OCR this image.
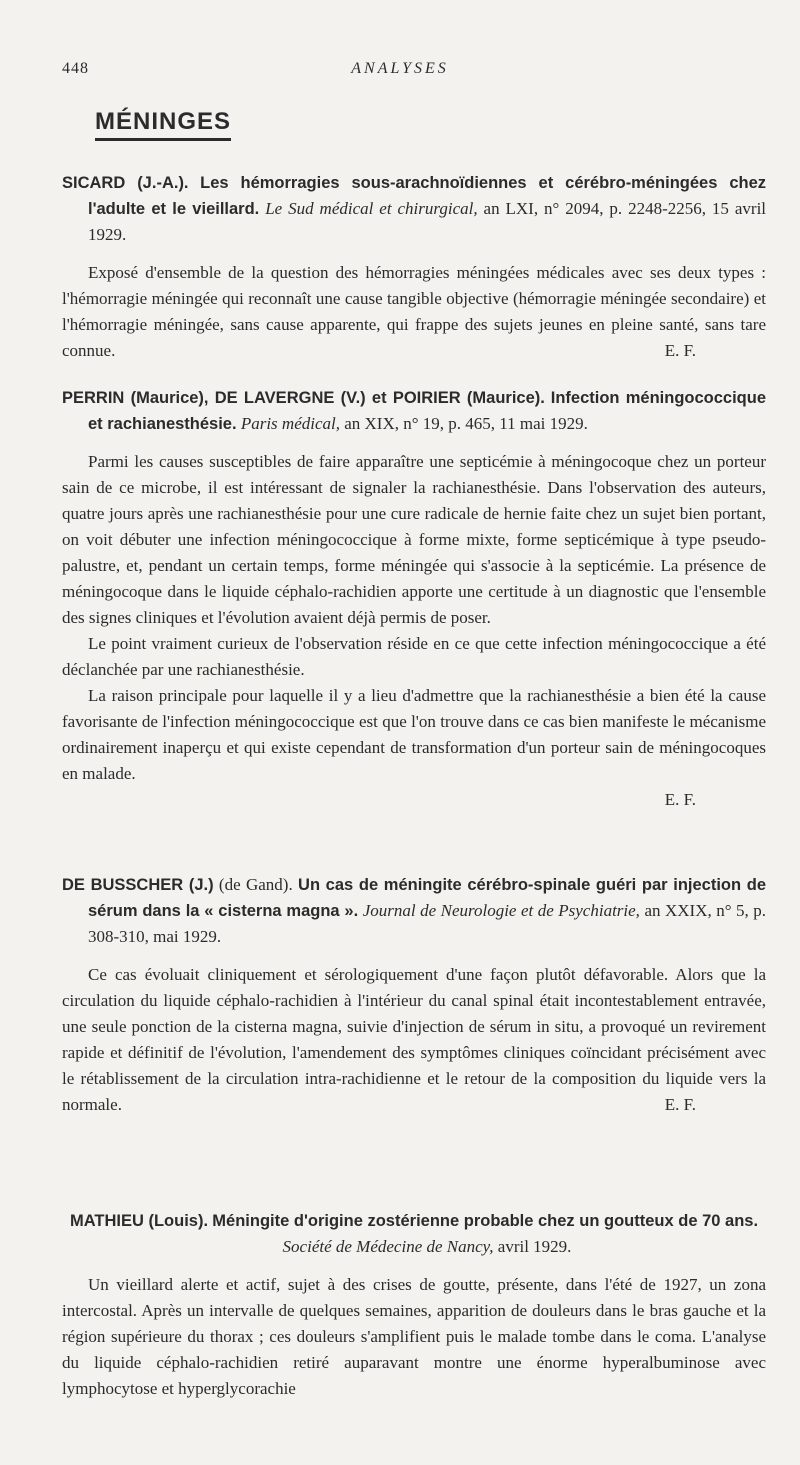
448	ANALYSES
MÉNINGES

SICARD (J.-A.). Les hémorragies sous-arachnoïdiennes et cérébro-méningées chez l'adulte et le vieillard. Le Sud médical et chirurgical, an LXI, n° 2094, p. 2248-2256, 15 avril 1929.

Exposé d'ensemble de la question des hémorragies méningées médicales avec ses deux types : l'hémorragie méningée qui reconnaît une cause tangible objective (hémorragie méningée secondaire) et l'hémorragie méningée, sans cause apparente, qui frappe des sujets jeunes en pleine santé, sans tare connue.	E. F.

PERRIN (Maurice), DE LAVERGNE (V.) et POIRIER (Maurice). Infection méningococcique et rachianesthésie. Paris médical, an XIX, n° 19, p. 465, 11 mai 1929.

Parmi les causes susceptibles de faire apparaître une septicémie à méningocoque chez un porteur sain de ce microbe, il est intéressant de signaler la rachianesthésie. Dans l'observation des auteurs, quatre jours après une rachianesthésie pour une cure radicale de hernie faite chez un sujet bien portant, on voit débuter une infection méningococcique à forme mixte, forme septicémique à type pseudo-palustre, et, pendant un certain temps, forme méningée qui s'associe à la septicémie. La présence de méningocoque dans le liquide céphalo-rachidien apporte une certitude à un diagnostic que l'ensemble des signes cliniques et l'évolution avaient déjà permis de poser.

Le point vraiment curieux de l'observation réside en ce que cette infection méningococcique a été déclanchée par une rachianesthésie.

La raison principale pour laquelle il y a lieu d'admettre que la rachianesthésie a bien été la cause favorisante de l'infection méningococcique est que l'on trouve dans ce cas bien manifeste le mécanisme ordinairement inaperçu et qui existe cependant de transformation d'un porteur sain de méningocoques en malade.

E. F.

DE BUSSCHER (J.) (de Gand). Un cas de méningite cérébro-spinale guéri par injection de sérum dans la « cisterna magna ». Journal de Neurologie et de Psychiatrie, an XXIX, n° 5, p. 308-310, mai 1929.

Ce cas évoluait cliniquement et sérologiquement d'une façon plutôt défavorable. Alors que la circulation du liquide céphalo-rachidien à l'intérieur du canal spinal était incontestablement entravée, une seule ponction de la cisterna magna, suivie d'injection de sérum in situ, a provoqué un revirement rapide et définitif de l'évolution, l'amendement des symptômes cliniques coïncidant précisément avec le rétablissement de la circulation intra-rachidienne et le retour de la composition du liquide vers la normale.	E. F.

MATHIEU (Louis). Méningite d'origine zostérienne probable chez un goutteux de 70 ans. Société de Médecine de Nancy, avril 1929.

Un vieillard alerte et actif, sujet à des crises de goutte, présente, dans l'été de 1927, un zona intercostal. Après un intervalle de quelques semaines, apparition de douleurs dans le bras gauche et la région supérieure du thorax ; ces douleurs s'amplifient puis le malade tombe dans le coma. L'analyse du liquide céphalo-rachidien retiré auparavant montre une énorme hyperalbuminose avec lymphocytose et hyperglycorachie
